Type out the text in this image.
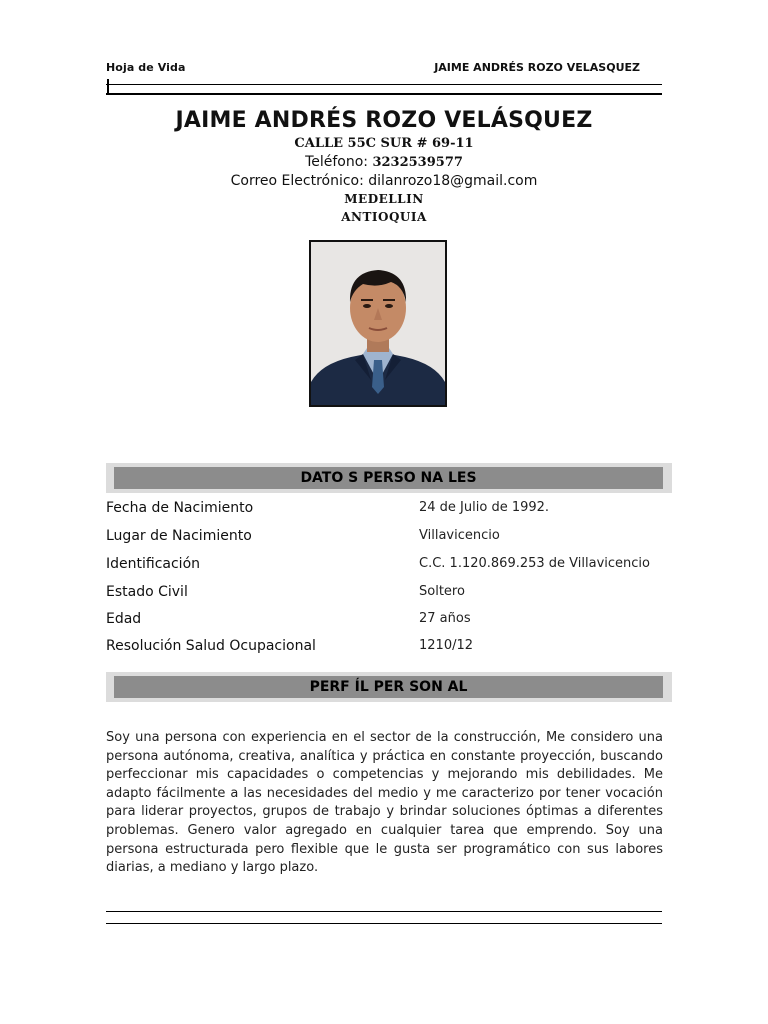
Hoja de Vida	JAIME ANDRÉS ROZO VELASQUEZ
JAIME ANDRÉS ROZO VELÁSQUEZ
CALLE 55C SUR # 69-11
Teléfono: 3232539577
Correo Electrónico: dilanrozo18@gmail.com
MEDELLIN
ANTIOQUIA
DATO S PERSO NA LES
Fecha de Nacimiento	24 de Julio de 1992.
Lugar de Nacimiento	Villavicencio
Identificación	C.C. 1.120.869.253 de Villavicencio
Estado Civil	Soltero
Edad	27 años
Resolución Salud Ocupacional	1210/12
PERF ÍL PER SON AL
Soy una persona con experiencia en el sector de la construcción, Me considero una persona autónoma, creativa, analítica y práctica en constante proyección, buscando perfeccionar mis capacidades o competencias y mejorando mis debilidades. Me adapto fácilmente a las necesidades del medio y me caracterizo por tener vocación para liderar proyectos, grupos de trabajo y brindar soluciones óptimas a diferentes problemas. Genero valor agregado en cualquier tarea que emprendo. Soy una persona estructurada pero flexible que le gusta ser programático con sus labores diarias, a mediano y largo plazo.
